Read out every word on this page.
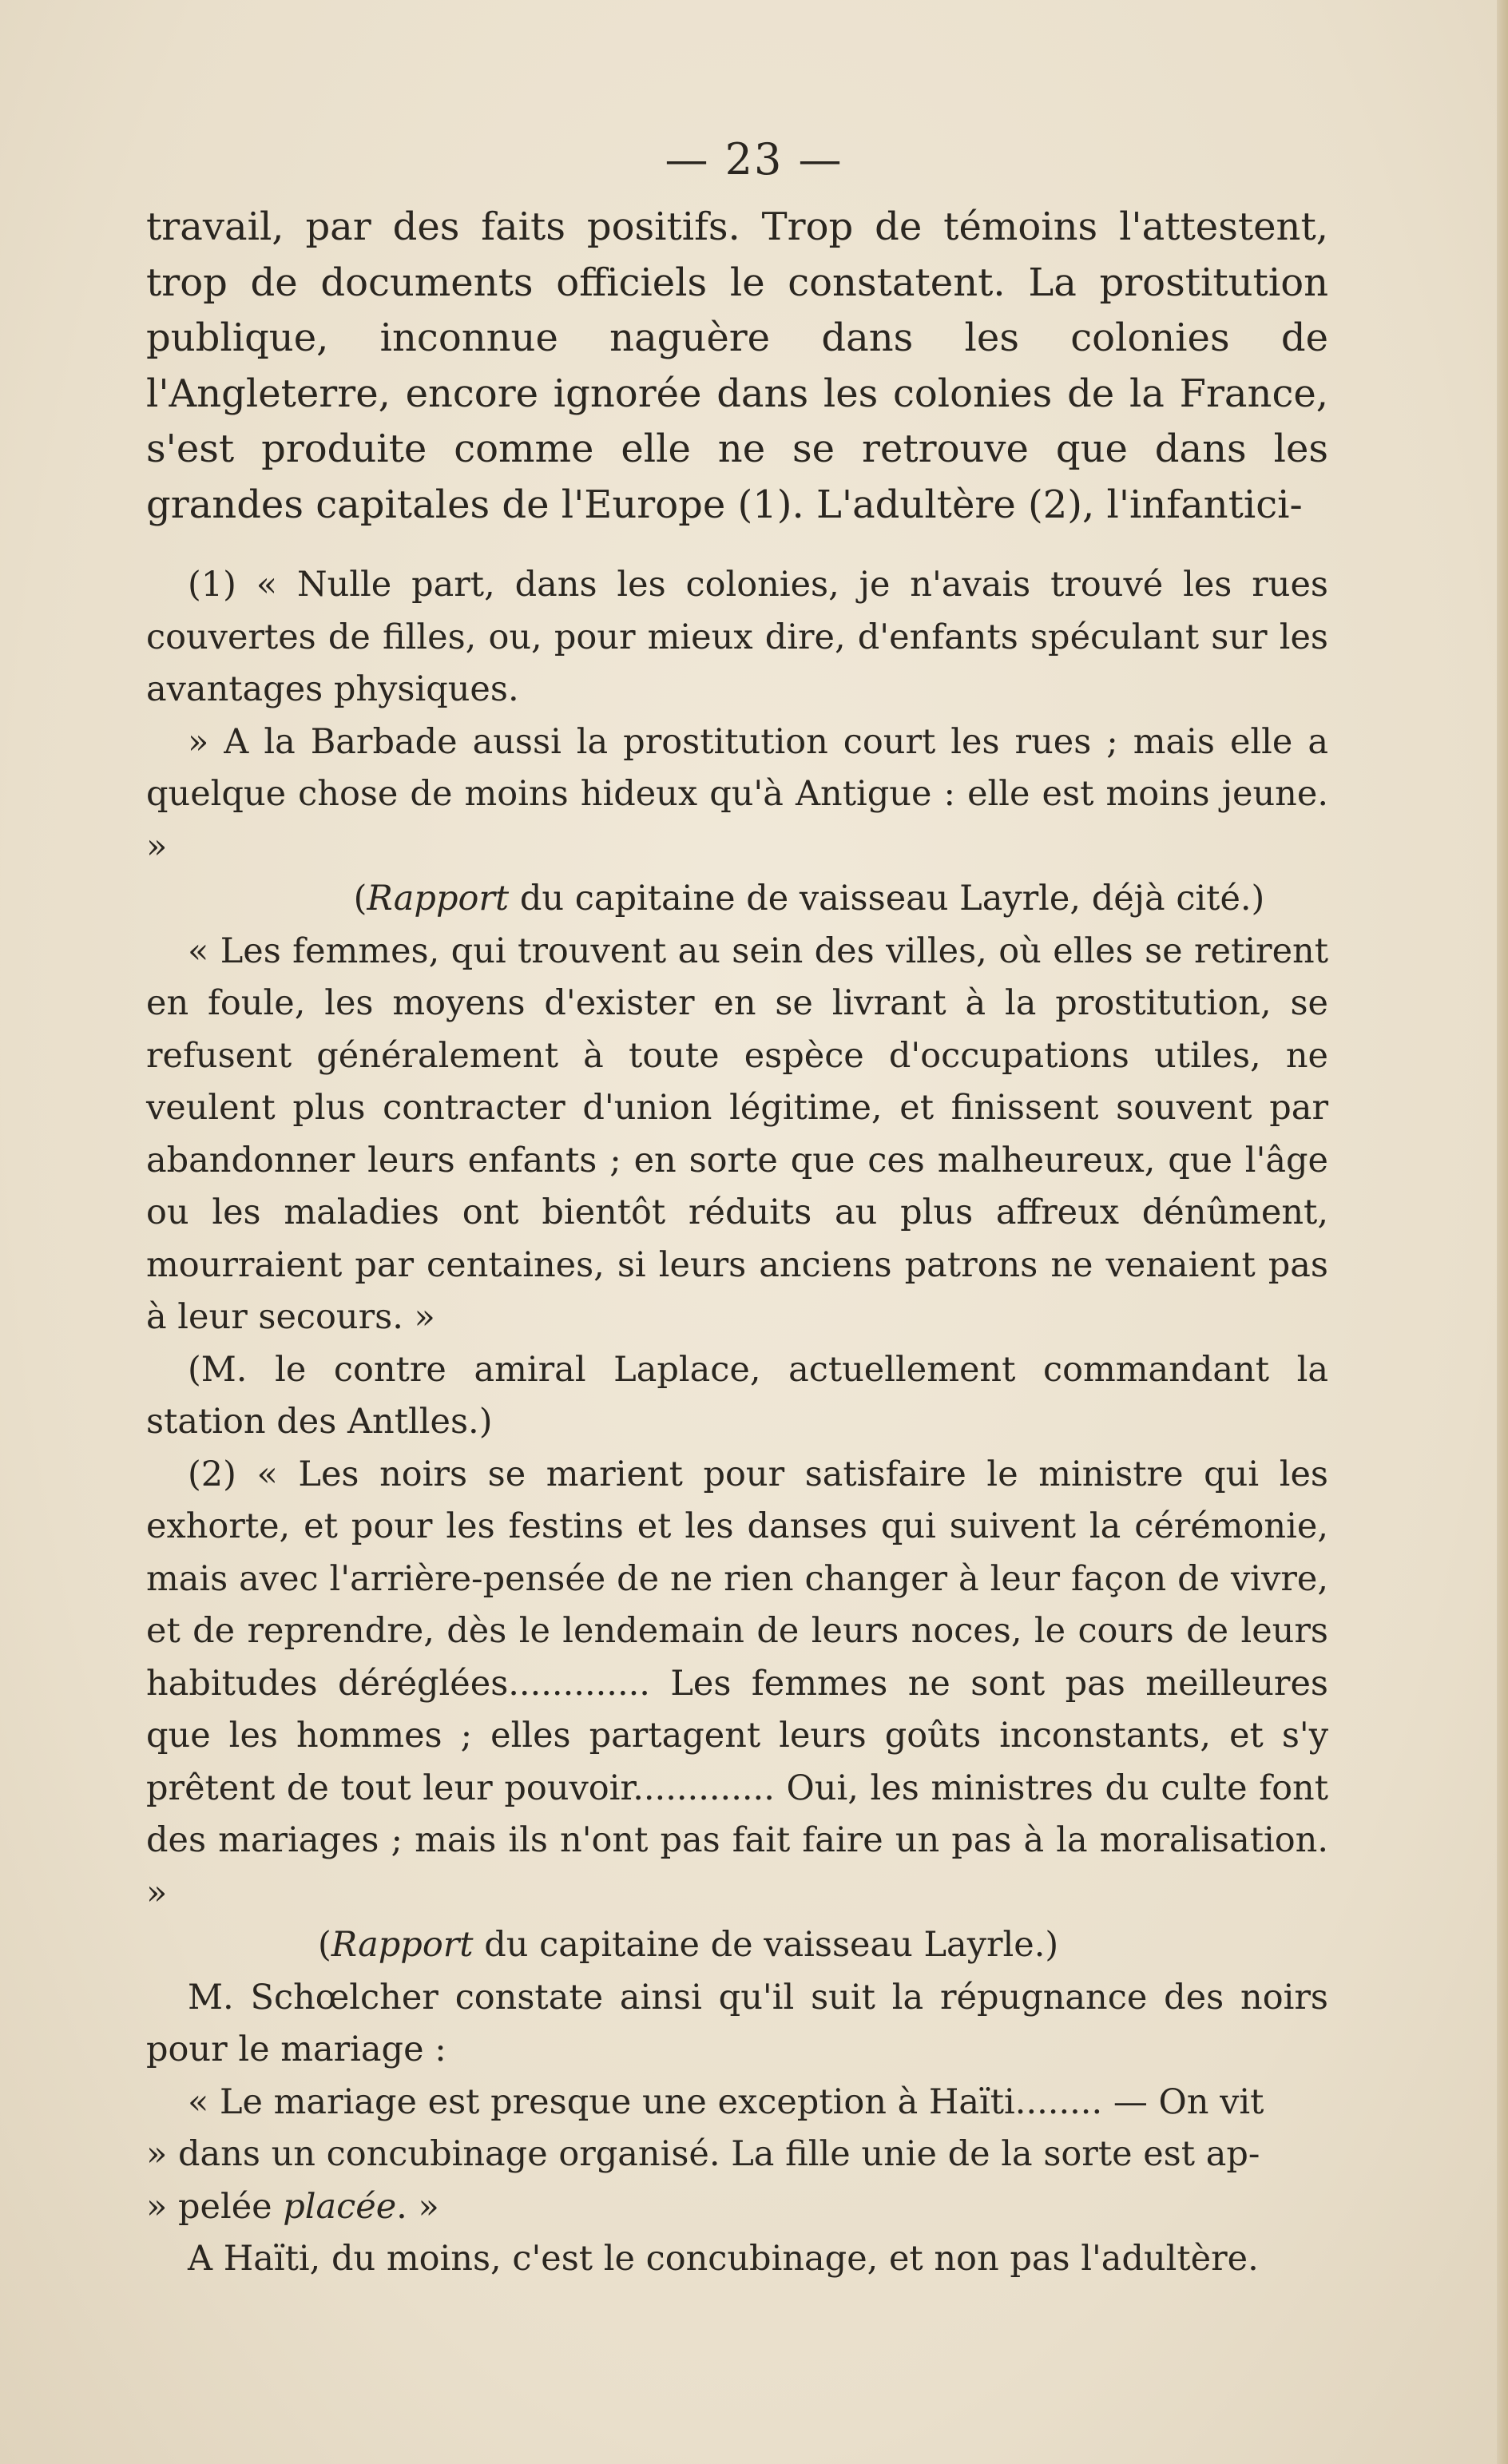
— 23 —

travail, par des faits positifs. Trop de témoins l'attestent, trop de documents officiels le constatent. La prostitution publique, inconnue naguère dans les colonies de l'Angleterre, encore ignorée dans les colonies de la France, s'est produite comme elle ne se retrouve que dans les grandes capitales de l'Europe (1). L'adultère (2), l'infantici-

(1) « Nulle part, dans les colonies, je n'avais trouvé les rues couvertes de filles, ou, pour mieux dire, d'enfants spéculant sur les avantages physiques.

» A la Barbade aussi la prostitution court les rues ; mais elle a quelque chose de moins hideux qu'à Antigue : elle est moins jeune. »

(Rapport du capitaine de vaisseau Layrle, déjà cité.)

« Les femmes, qui trouvent au sein des villes, où elles se retirent en foule, les moyens d'exister en se livrant à la prostitution, se refusent généralement à toute espèce d'occupations utiles, ne veulent plus contracter d'union légitime, et finissent souvent par abandonner leurs enfants ; en sorte que ces malheureux, que l'âge ou les maladies ont bientôt réduits au plus affreux dénûment, mourraient par centaines, si leurs anciens patrons ne venaient pas à leur secours. »

(M. le contre amiral Laplace, actuellement commandant la station des Antlles.)

(2) « Les noirs se marient pour satisfaire le ministre qui les exhorte, et pour les festins et les danses qui suivent la cérémonie, mais avec l'arrière-pensée de ne rien changer à leur façon de vivre, et de reprendre, dès le lendemain de leurs noces, le cours de leurs habitudes déréglées............. Les femmes ne sont pas meilleures que les hommes ; elles partagent leurs goûts inconstants, et s'y prêtent de tout leur pouvoir............. Oui, les ministres du culte font des mariages ; mais ils n'ont pas fait faire un pas à la moralisation. »

(Rapport du capitaine de vaisseau Layrle.)

M. Schœlcher constate ainsi qu'il suit la répugnance des noirs pour le mariage :

« Le mariage est presque une exception à Haïti........ — On vit

» dans un concubinage organisé. La fille unie de la sorte est ap-

» pelée placée. »

A Haïti, du moins, c'est le concubinage, et non pas l'adultère.
